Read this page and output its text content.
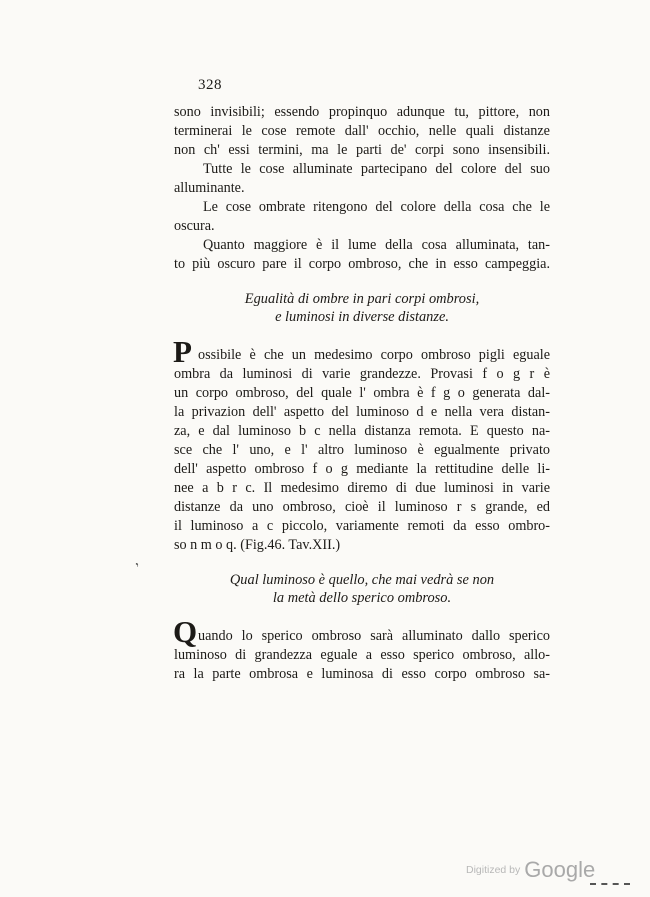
328
sono invisibili; essendo propinquo adunque tu, pittore, non
terminerai le cose remote dall' occhio, nelle quali distanze
non ch' essi termini, ma le parti de' corpi sono insensibili.
Tutte le cose alluminate partecipano del colore del suo
alluminante.
Le cose ombrate ritengono del colore della cosa che le
oscura.
Quanto maggiore è il lume della cosa alluminata, tan-
to più oscuro pare il corpo ombroso, che in esso campeggia.
Egualità di ombre in pari corpi ombrosi,
e luminosi in diverse distanze.
P ossibile è che un medesimo corpo ombroso pigli eguale
ombra da luminosi di varie grandezze. Provasi f o g r è
un corpo ombroso, del quale l' ombra è f g o generata dal-
la privazion dell' aspetto del luminoso d e nella vera distan-
za, e dal luminoso b c nella distanza remota. E questo na-
sce che l' uno, e l' altro luminoso è egualmente privato
dell' aspetto ombroso f o g mediante la rettitudine delle li-
nee a b r c. Il medesimo diremo di due luminosi in varie
distanze da uno ombroso, cioè il luminoso r s grande, ed
il luminoso a c piccolo, variamente remoti da esso ombro-
so n m o q. (Fig.46. Tav.XII.)
‚
Qual luminoso è quello, che mai vedrà se non
la metà dello sperico ombroso.
Q uando lo sperico ombroso sarà alluminato dallo sperico
luminoso di grandezza eguale a esso sperico ombroso, allo-
ra la parte ombrosa e luminosa di esso corpo ombroso sa-
Digitized by Google
